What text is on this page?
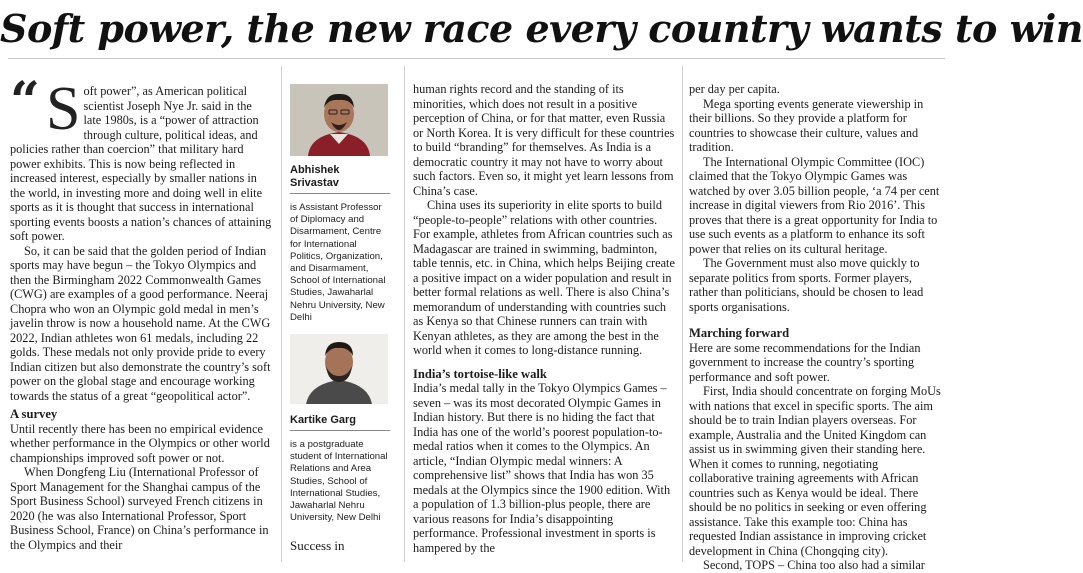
Soft power, the new race every country wants to win
“ S oft power”, as American political scientist Joseph Nye Jr. said in the late 1980s, is a “power of attraction through culture, political ideas, and policies rather than coercion” that military hard power exhibits. This is now being reflected in increased interest, especially by smaller nations in the world, in investing more and doing well in elite sports as it is thought that success in international sporting events boosts a nation’s chances of attaining soft power.

So, it can be said that the golden period of Indian sports may have begun – the Tokyo Olympics and then the Birmingham 2022 Commonwealth Games (CWG) are examples of a good performance. Neeraj Chopra who won an Olympic gold medal in men’s javelin throw is now a household name. At the CWG 2022, Indian athletes won 61 medals, including 22 golds. These medals not only provide pride to every Indian citizen but also demonstrate the country’s soft power on the global stage and encourage working towards the status of a great “geopolitical actor”.

A survey

Until recently there has been no empirical evidence whether performance in the Olympics or other world championships improved soft power or not.

When Dongfeng Liu (International Professor of Sport Management for the Shanghai campus of the Sport Business School) surveyed French citizens in 2020 (he was also International Professor, Sport Business School, France) on China’s performance in the Olympics and their

Abhishek Srivastav
is Assistant Professor of Diplomacy and Disarmament, Centre for International Politics, Organization, and Disarmament, School of International Studies, Jawaharlal Nehru University, New Delhi
Kartike Garg
is a postgraduate student of International Relations and Area Studies, School of International Studies, Jawaharlal Nehru University, New Delhi
Success in

human rights record and the standing of its minorities, which does not result in a positive perception of China, or for that matter, even Russia or North Korea. It is very difficult for these countries to build “branding” for themselves. As India is a democratic country it may not have to worry about such factors. Even so, it might yet learn lessons from China’s case.

China uses its superiority in elite sports to build “people-to-people” relations with other countries. For example, athletes from African countries such as Madagascar are trained in swimming, badminton, table tennis, etc. in China, which helps Beijing create a positive impact on a wider population and result in better formal relations as well. There is also China’s memorandum of understanding with countries such as Kenya so that Chinese runners can train with Kenyan athletes, as they are among the best in the world when it comes to long-distance running.

India’s tortoise-like walk

India’s medal tally in the Tokyo Olympics Games – seven – was its most decorated Olympic Games in Indian history. But there is no hiding the fact that India has one of the world’s poorest population-to-medal ratios when it comes to the Olympics. An article, “Indian Olympic medal winners: A comprehensive list” shows that India has won 35 medals at the Olympics since the 1900 edition. With a population of 1.3 billion-plus people, there are various reasons for India’s disappointing performance. Professional investment in sports is hampered by the

per day per capita.

Mega sporting events generate viewership in their billions. So they provide a platform for countries to showcase their culture, values and tradition.

The International Olympic Committee (IOC) claimed that the Tokyo Olympic Games was watched by over 3.05 billion people, ‘a 74 per cent increase in digital viewers from Rio 2016’. This proves that there is a great opportunity for India to use such events as a platform to enhance its soft power that relies on its cultural heritage.

The Government must also move quickly to separate politics from sports. Former players, rather than politicians, should be chosen to lead sports organisations.

Marching forward

Here are some recommendations for the Indian government to increase the country’s sporting performance and soft power.

First, India should concentrate on forging MoUs with nations that excel in specific sports. The aim should be to train Indian players overseas. For example, Australia and the United Kingdom can assist us in swimming given their standing here. When it comes to running, negotiating collaborative training agreements with African countries such as Kenya would be ideal. There should be no politics in seeking or even offering assistance. Take this example too: China has requested Indian assistance in improving cricket development in China (Chongqing city).

Second, TOPS – China too also had a similar
